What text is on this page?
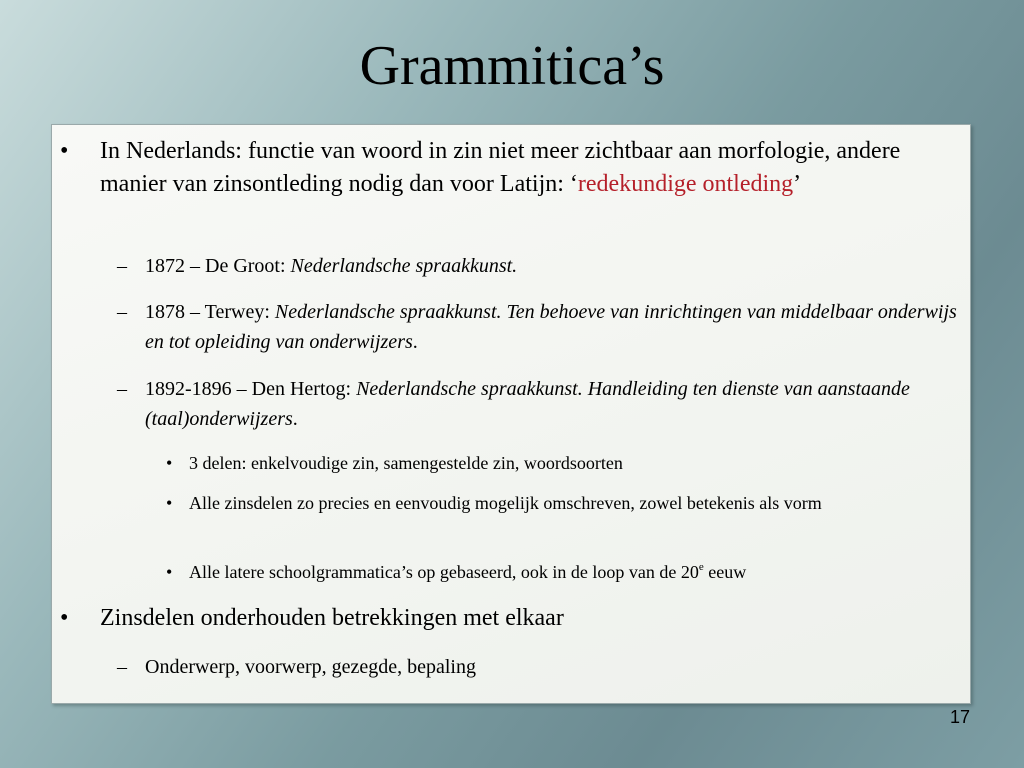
Grammitica’s
• In Nederlands: functie van woord in zin niet meer zichtbaar aan morfologie, andere manier van zinsontleding nodig dan voor Latijn: ‘redekundige ontleding’
– 1872 – De Groot: Nederlandsche spraakkunst.
– 1878 – Terwey: Nederlandsche spraakkunst. Ten behoeve van inrichtingen van middelbaar onderwijs en tot opleiding van onderwijzers.
– 1892-1896 – Den Hertog: Nederlandsche spraakkunst. Handleiding ten dienste van aanstaande (taal)onderwijzers.
• 3 delen: enkelvoudige zin, samengestelde zin, woordsoorten
• Alle zinsdelen zo precies en eenvoudig mogelijk omschreven, zowel betekenis als vorm
• Alle latere schoolgrammatica’s op gebaseerd, ook in de loop van de 20e eeuw
• Zinsdelen onderhouden betrekkingen met elkaar
– Onderwerp, voorwerp, gezegde, bepaling
17
